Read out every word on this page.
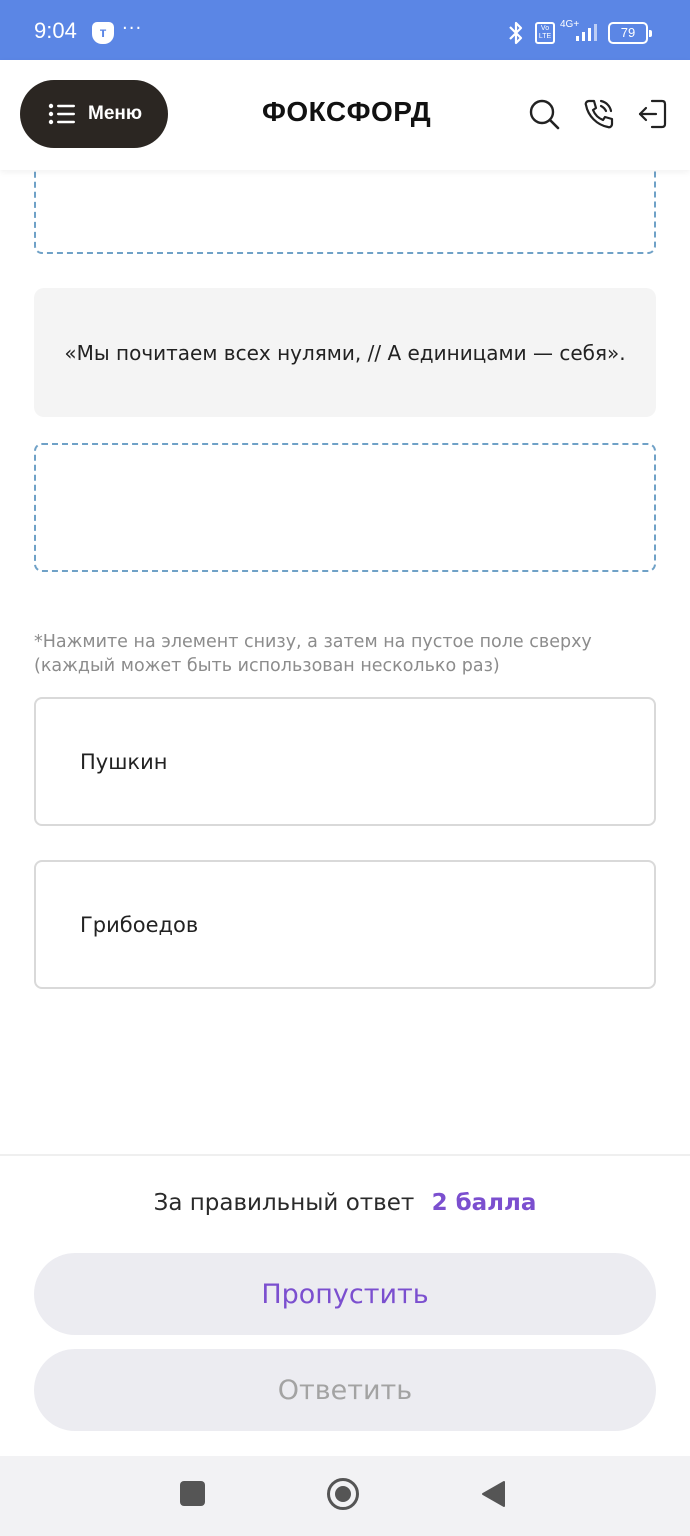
9:04	т ···	Vo LTE
4G+
79
Меню	ФОКСФОРД
«Мы почитаем всех нулями, // А единицами — себя».
*Нажмите на элемент снизу, а затем на пустое поле сверху (каждый может быть использован несколько раз)
Пушкин
Грибоедов
За правильный ответ 2 балла
Пропустить
Ответить
